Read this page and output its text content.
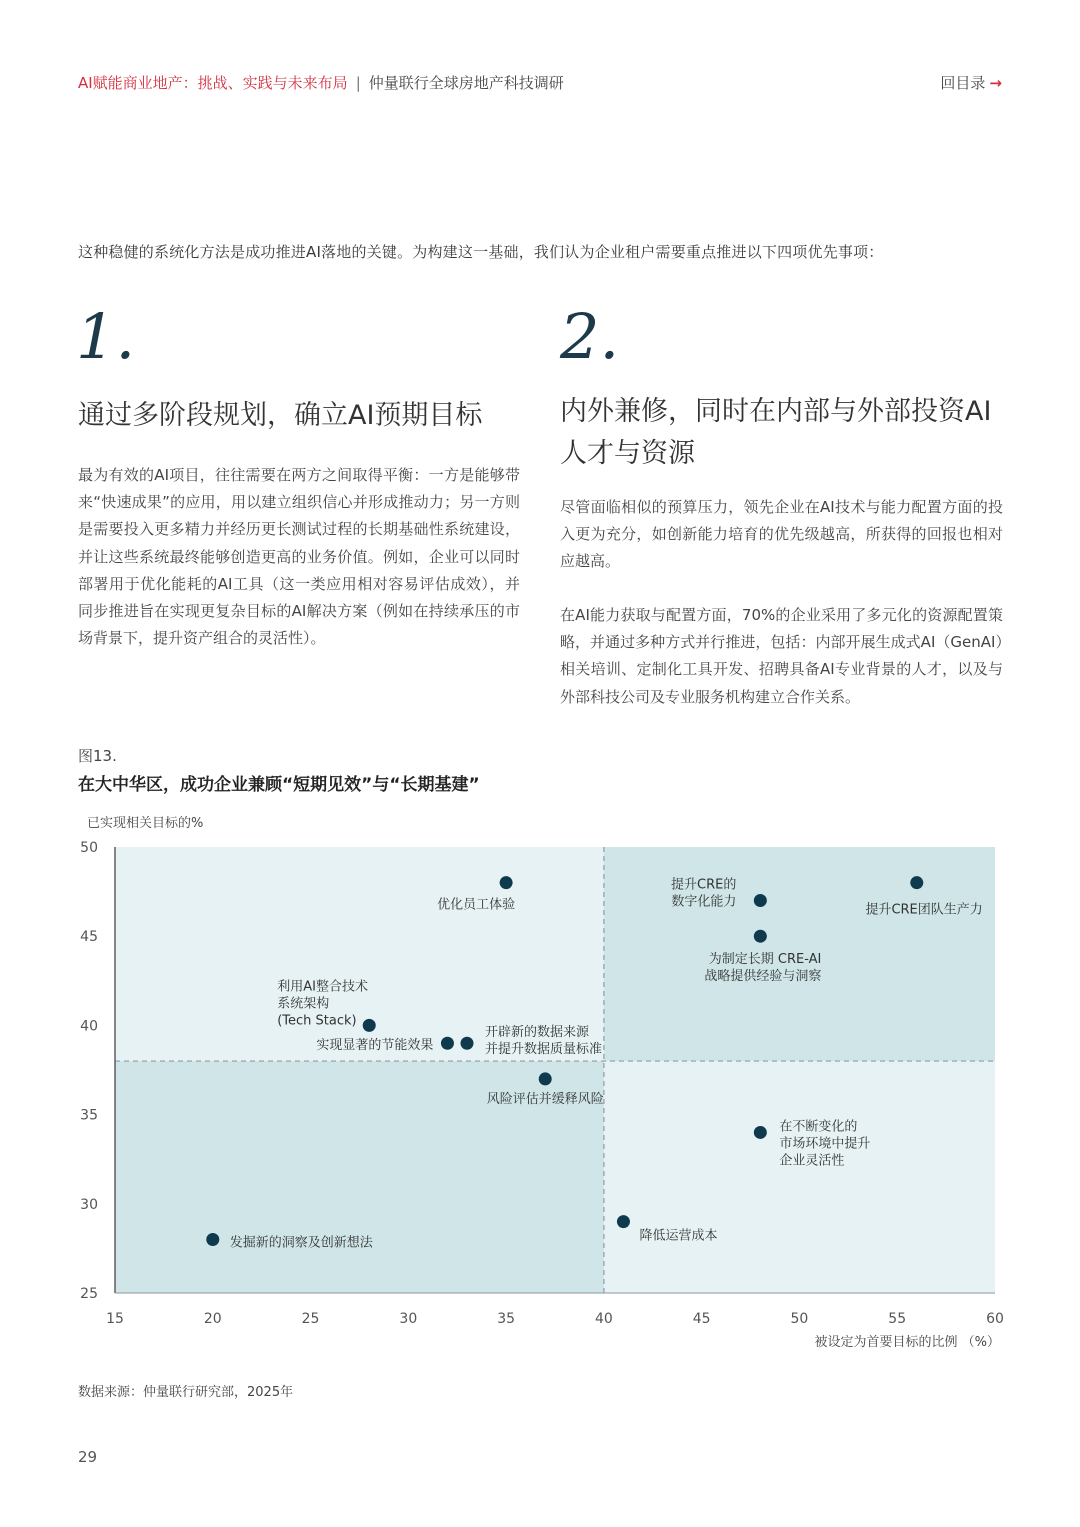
AI赋能商业地产：挑战、实践与未来布局 | 仲量联行全球房地产科技调研	回目录 →

这种稳健的系统化方法是成功推进AI落地的关键。为构建这一基础，我们认为企业租户需要重点推进以下四项优先事项：

1.	2.
通过多阶段规划，确立AI预期目标	内外兼修，同时在内部与外部投资AI人才与资源

最为有效的AI项目，往往需要在两方之间取得平衡：一方是能够带来“快速成果”的应用，用以建立组织信心并形成推动力；另一方则是需要投入更多精力并经历更长测试过程的长期基础性系统建设，并让这些系统最终能够创造更高的业务价值。例如，企业可以同时部署用于优化能耗的AI工具（这一类应用相对容易评估成效），并同步推进旨在实现更复杂目标的AI解决方案（例如在持续承压的市场背景下，提升资产组合的灵活性）。

尽管面临相似的预算压力，领先企业在AI技术与能力配置方面的投入更为充分，如创新能力培育的优先级越高，所获得的回报也相对应越高。

在AI能力获取与配置方面，70%的企业采用了多元化的资源配置策略，并通过多种方式并行推进，包括：内部开展生成式AI（GenAI）相关培训、定制化工具开发、招聘具备AI专业背景的人才，以及与外部科技公司及专业服务机构建立合作关系。

图13.
在大中华区，成功企业兼顾“短期见效”与“长期基建”
15	20	25	30	35	40	45	50	55	60
25
30
35
40
45
50
优化员工体验
提升CRE的
数字化能力
提升CRE团队生产力
为制定长期 CRE-AI
战略提供经验与洞察
利用AI整合技术
系统架构
(Tech Stack)
实现显著的节能效果
开辟新的数据来源
并提升数据质量标准
风险评估并缓释风险
在不断变化的
市场环境中提升
企业灵活性
降低运营成本
发掘新的洞察及创新想法
已实现相关目标的%
被设定为首要目标的比例 （%）
数据来源：仲量联行研究部，2025年
29
